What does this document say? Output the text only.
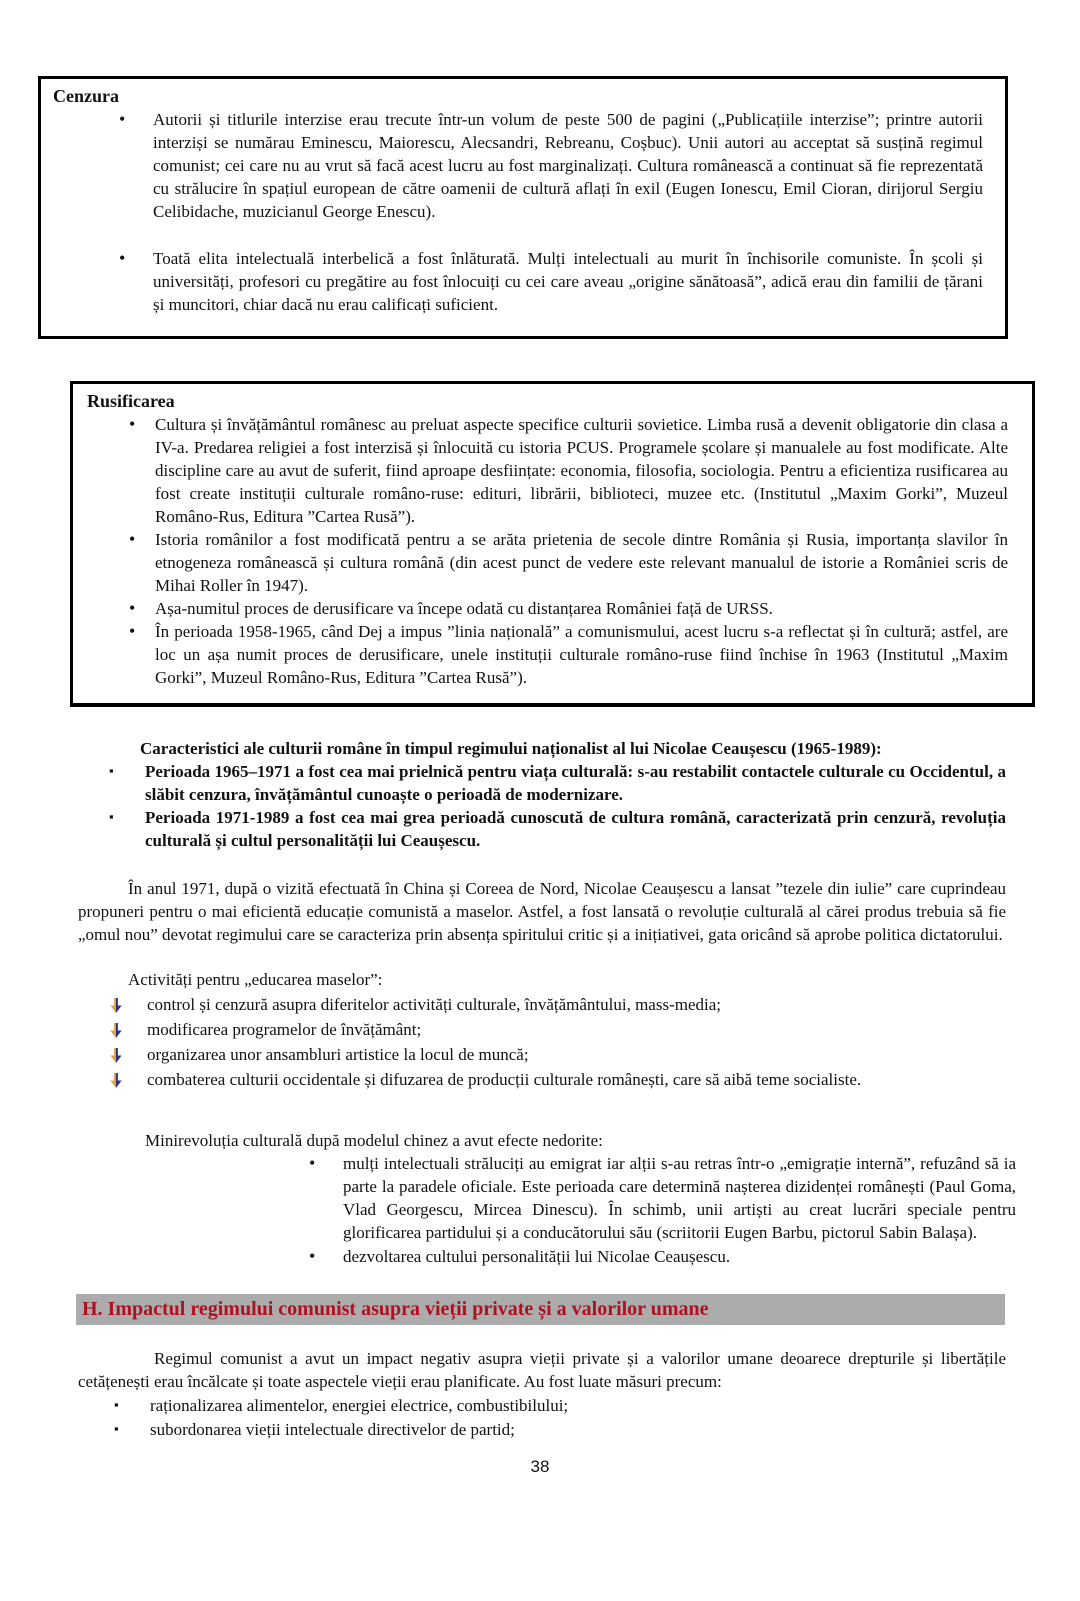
Cenzura
• Autorii și titlurile interzise erau trecute într-un volum de peste 500 de pagini („Publicațiile interzise”; printre autorii interziși se numărau Eminescu, Maiorescu, Alecsandri, Rebreanu, Coșbuc). Unii autori au acceptat să susțină regimul comunist; cei care nu au vrut să facă acest lucru au fost marginalizați. Cultura românească a continuat să fie reprezentată cu strălucire în spațiul european de către oamenii de cultură aflați în exil (Eugen Ionescu, Emil Cioran, dirijorul Sergiu Celibidache, muzicianul George Enescu).
• Toată elita intelectuală interbelică a fost înlăturată. Mulți intelectuali au murit în închisorile comuniste. În școli și universități, profesori cu pregătire au fost înlocuiți cu cei care aveau „origine sănătoasă”, adică erau din familii de țărani și muncitori, chiar dacă nu erau calificați suficient.
Rusificarea
• Cultura și învățământul românesc au preluat aspecte specifice culturii sovietice. Limba rusă a devenit obligatorie din clasa a IV-a. Predarea religiei a fost interzisă și înlocuită cu istoria PCUS. Programele școlare și manualele au fost modificate. Alte discipline care au avut de suferit, fiind aproape desființate: economia, filosofia, sociologia. Pentru a eficientiza rusificarea au fost create instituții culturale româno-ruse: edituri, librării, biblioteci, muzee etc. (Institutul „Maxim Gorki”, Muzeul Româno-Rus, Editura ”Cartea Rusă”).
• Istoria românilor a fost modificată pentru a se arăta prietenia de secole dintre România și Rusia, importanța slavilor în etnogeneza românească și cultura română (din acest punct de vedere este relevant manualul de istorie a României scris de Mihai Roller în 1947).
• Așa-numitul proces de derusificare va începe odată cu distanțarea României față de URSS.
• În perioada 1958-1965, când Dej a impus ”linia națională” a comunismului, acest lucru s-a reflectat și în cultură; astfel, are loc un așa numit proces de derusificare, unele instituții culturale româno-ruse fiind închise în 1963 (Institutul „Maxim Gorki”, Muzeul Româno-Rus, Editura ”Cartea Rusă”).
Caracteristici ale culturii române în timpul regimului naționalist al lui Nicolae Ceaușescu (1965-1989):
▪ Perioada 1965–1971 a fost cea mai prielnică pentru viața culturală: s-au restabilit contactele culturale cu Occidentul, a slăbit cenzura, învățământul cunoaște o perioadă de modernizare.
▪ Perioada 1971-1989 a fost cea mai grea perioadă cunoscută de cultura română, caracterizată prin cenzură, revoluția culturală și cultul personalității lui Ceaușescu.

În anul 1971, după o vizită efectuată în China și Coreea de Nord, Nicolae Ceaușescu a lansat ”tezele din iulie” care cuprindeau propuneri pentru o mai eficientă educație comunistă a maselor. Astfel, a fost lansată o revoluție culturală al cărei produs trebuia să fie „omul nou” devotat regimului care se caracteriza prin absența spiritului critic și a inițiativei, gata oricând să aprobe politica dictatorului.

Activități pentru „educarea maselor”:
control și cenzură asupra diferitelor activități culturale, învățământului, mass-media;
modificarea programelor de învățământ;
organizarea unor ansambluri artistice la locul de muncă;
combaterea culturii occidentale și difuzarea de producții culturale românești, care să aibă teme socialiste.
Minirevoluția culturală după modelul chinez a avut efecte nedorite:
• mulți intelectuali străluciți au emigrat iar alții s-au retras într-o „emigrație internă”, refuzând să ia parte la paradele oficiale. Este perioada care determină nașterea dizidenței românești (Paul Goma, Vlad Georgescu, Mircea Dinescu). În schimb, unii artiști au creat lucrări speciale pentru glorificarea partidului și a conducătorului său (scriitorii Eugen Barbu, pictorul Sabin Balașa).
• dezvoltarea cultului personalității lui Nicolae Ceaușescu.
H. Impactul regimului comunist asupra vieții private și a valorilor umane

Regimul comunist a avut un impact negativ asupra vieții private și a valorilor umane deoarece drepturile și libertățile cetățenești erau încălcate și toate aspectele vieții erau planificate. Au fost luate măsuri precum:

▪ raționalizarea alimentelor, energiei electrice, combustibilului;
▪ subordonarea vieții intelectuale directivelor de partid;
38
